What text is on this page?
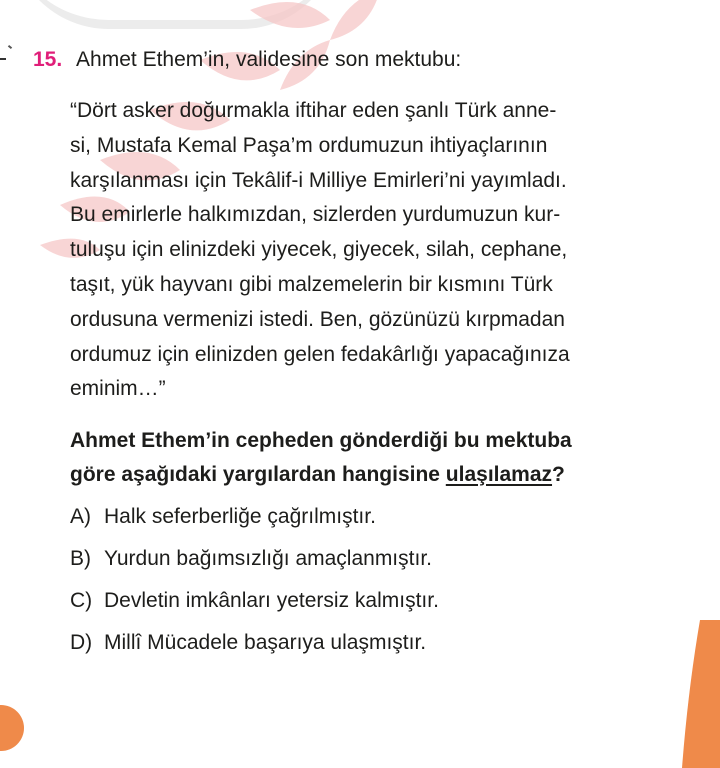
15. Ahmet Ethem’in, validesine son mektubu:
“Dört asker doğurmakla iftihar eden şanlı Türk anne-
si, Mustafa Kemal Paşa’m ordumuzun ihtiyaçlarının
karşılanması için Tekâlif-i Milliye Emirleri’ni yayımladı.
Bu emirlerle halkımızdan, sizlerden yurdumuzun kur-
tuluşu için elinizdeki yiyecek, giyecek, silah, cephane,
taşıt, yük hayvanı gibi malzemelerin bir kısmını Türk
ordusuna vermenizi istedi. Ben, gözünüzü kırpmadan
ordumuz için elinizden gelen fedakârlığı yapacağınıza
eminim…”
Ahmet Ethem’in cepheden gönderdiği bu mektuba
göre aşağıdaki yargılardan hangisine ulaşılamaz?
A) Halk seferberliğe çağrılmıştır.
B) Yurdun bağımsızlığı amaçlanmıştır.
C) Devletin imkânları yetersiz kalmıştır.
D) Millî Mücadele başarıya ulaşmıştır.
